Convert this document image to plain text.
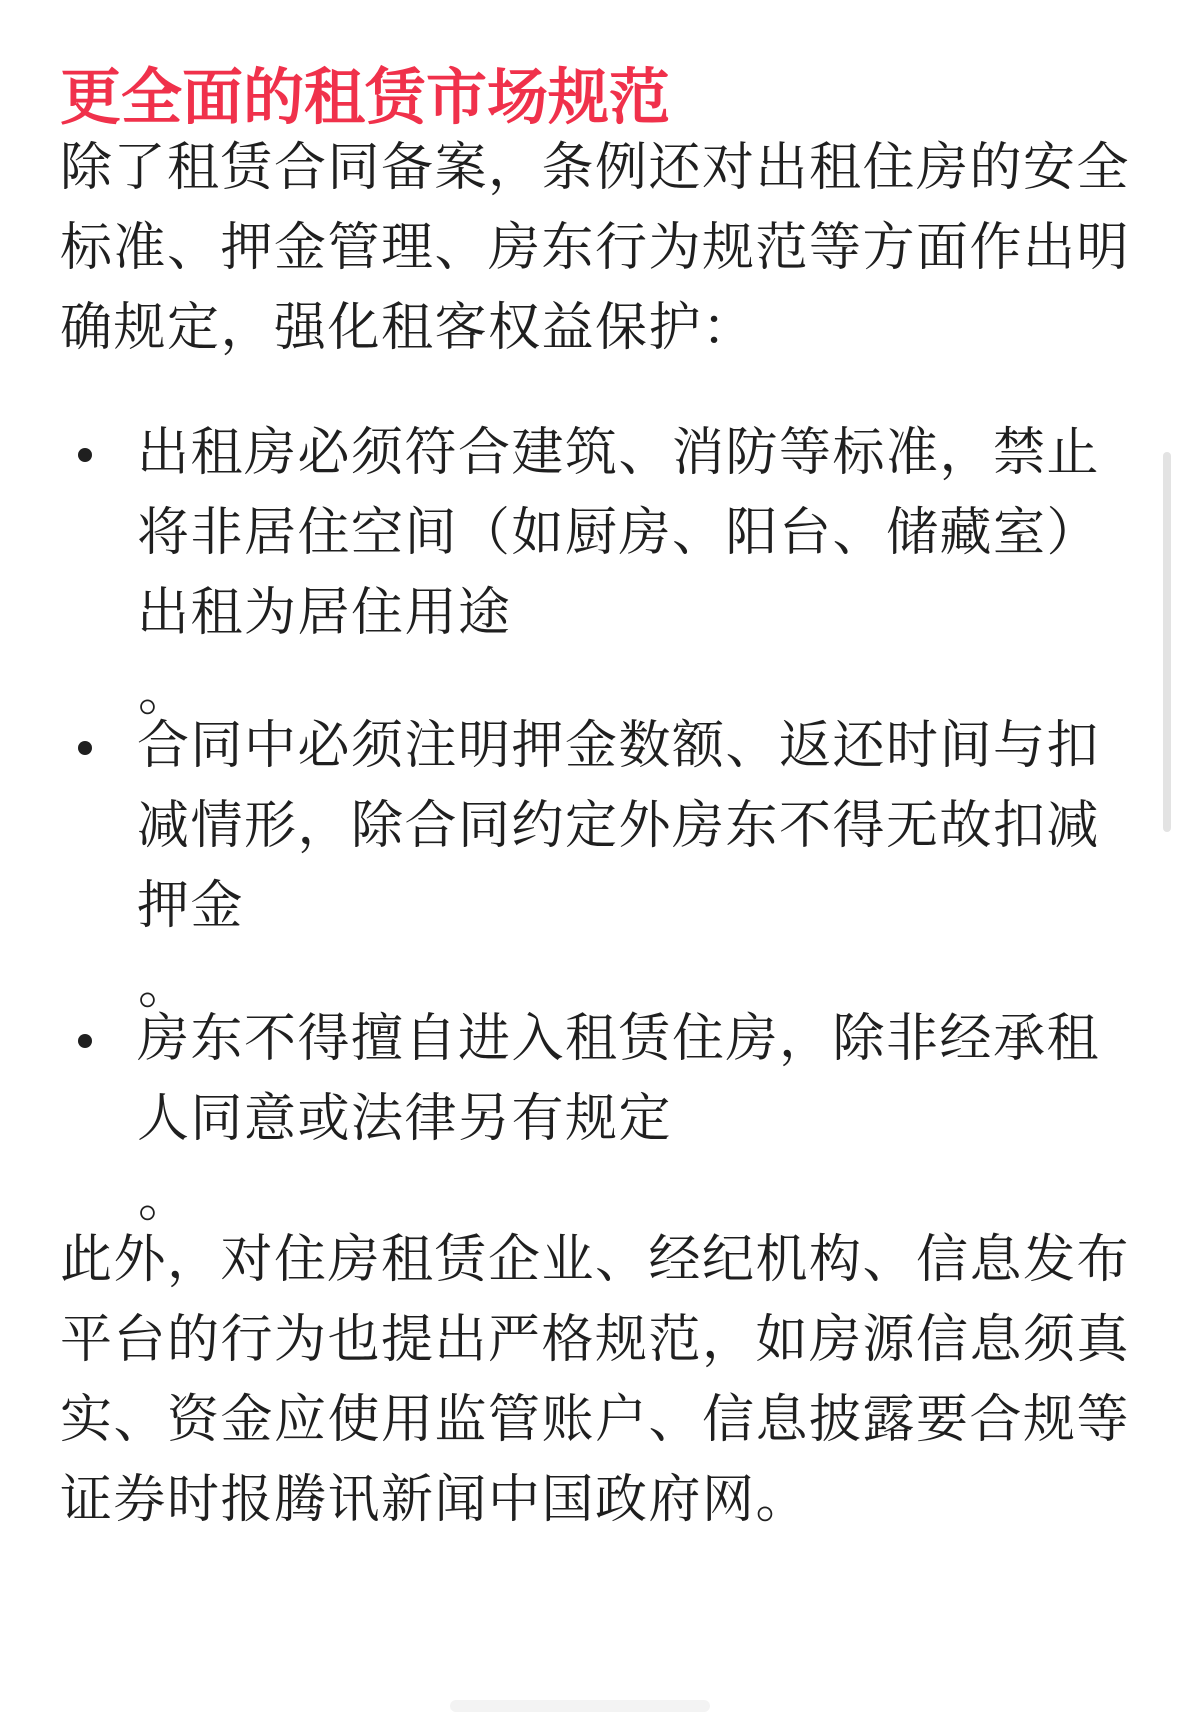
更全面的租赁市场规范

除了租赁合同备案，条例还对出租住房的安全
标准、押金管理、房东行为规范等方面作出明
确规定，强化租客权益保护：

出租房必须符合建筑、消防等标准，禁止
将非居住空间（如厨房、阳台、储藏室）
出租为居住用途

。

合同中必须注明押金数额、返还时间与扣
减情形，除合同约定外房东不得无故扣减
押金

。

房东不得擅自进入租赁住房，除非经承租
人同意或法律另有规定

。

此外，对住房租赁企业、经纪机构、信息发布
平台的行为也提出严格规范，如房源信息须真
实、资金应使用监管账户、信息披露要合规等
证券时报腾讯新闻中国政府网。
